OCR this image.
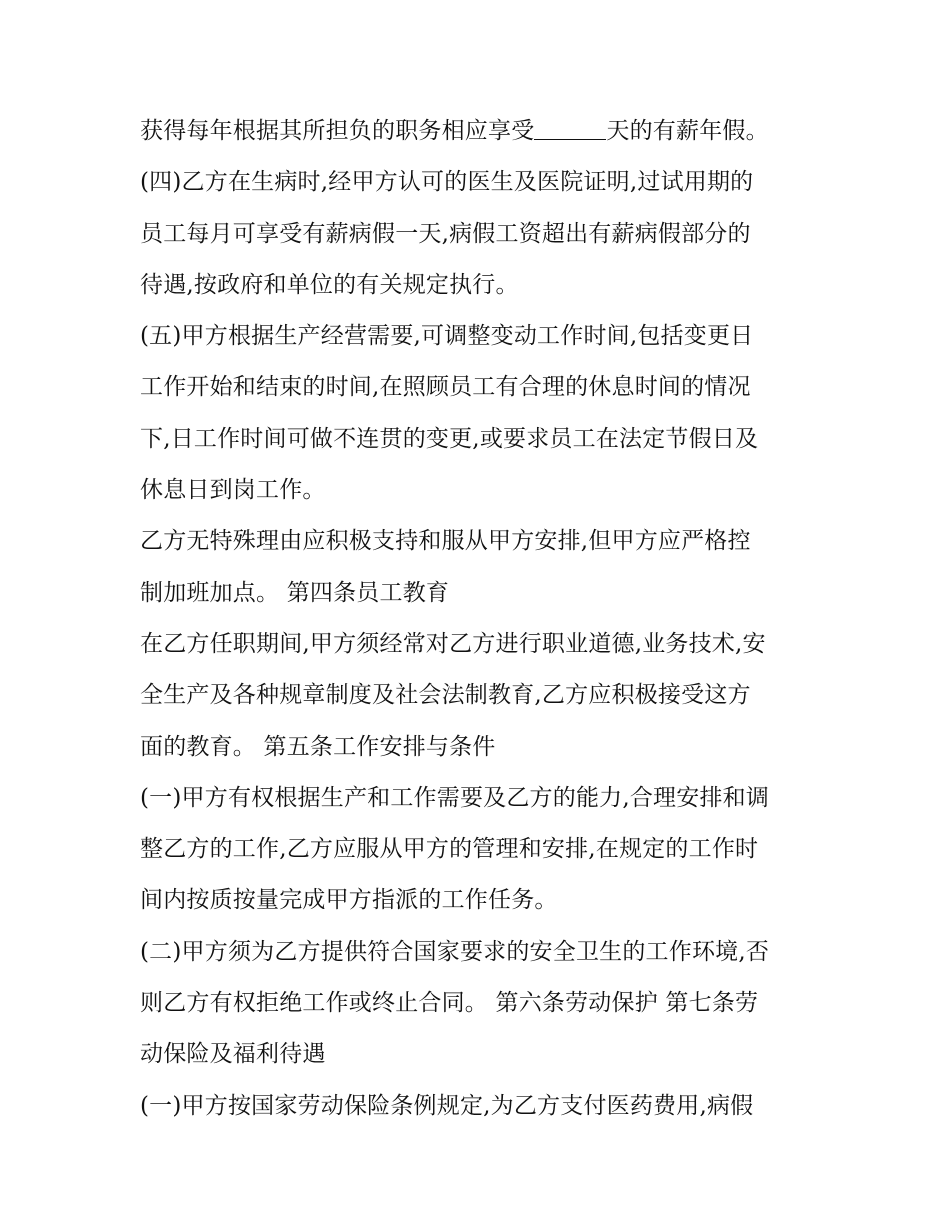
获得每年根据其所担负的职务相应享受	天的有薪年假。
(四)乙方在生病时,经甲方认可的医生及医院证明,过试用期的
员工每月可享受有薪病假一天,病假工资超出有薪病假部分的
待遇,按政府和单位的有关规定执行。
(五)甲方根据生产经营需要,可调整变动工作时间,包括变更日
工作开始和结束的时间,在照顾员工有合理的休息时间的情况
下,日工作时间可做不连贯的变更,或要求员工在法定节假日及
休息日到岗工作。
乙方无特殊理由应积极支持和服从甲方安排,但甲方应严格控
制加班加点。 第四条员工教育
在乙方任职期间,甲方须经常对乙方进行职业道德,业务技术,安
全生产及各种规章制度及社会法制教育,乙方应积极接受这方
面的教育。 第五条工作安排与条件
(一)甲方有权根据生产和工作需要及乙方的能力,合理安排和调
整乙方的工作,乙方应服从甲方的管理和安排,在规定的工作时
间内按质按量完成甲方指派的工作任务。
(二)甲方须为乙方提供符合国家要求的安全卫生的工作环境,否
则乙方有权拒绝工作或终止合同。 第六条劳动保护 第七条劳
动保险及福利待遇
(一)甲方按国家劳动保险条例规定,为乙方支付医药费用,病假
